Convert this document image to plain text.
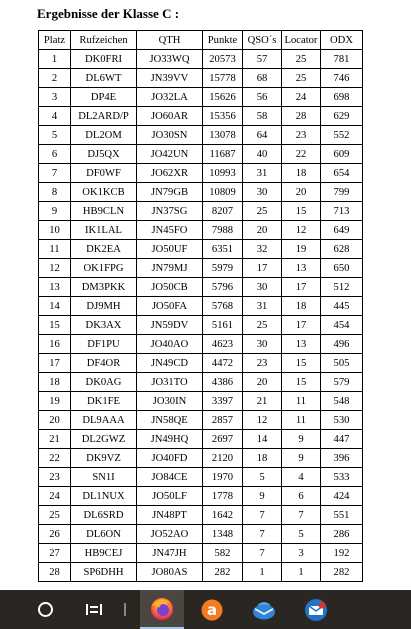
Ergebnisse der Klasse C :
Platz	Rufzeichen	QTH	Punkte	QSO´s	Locator	ODX
1	DK0FRI	JO33WQ	20573	57	25	781
2	DL6WT	JN39VV	15778	68	25	746
3	DP4E	JO32LA	15626	56	24	698
4	DL2ARD/P	JO60AR	15356	58	28	629
5	DL2OM	JO30SN	13078	64	23	552
6	DJ5QX	JO42UN	11687	40	22	609
7	DF0WF	JO62XR	10993	31	18	654
8	OK1KCB	JN79GB	10809	30	20	799
9	HB9CLN	JN37SG	8207	25	15	713
10	IK1LAL	JN45FO	7988	20	12	649
11	DK2EA	JO50UF	6351	32	19	628
12	OK1FPG	JN79MJ	5979	17	13	650
13	DM3PKK	JO50CB	5796	30	17	512
14	DJ9MH	JO50FA	5768	31	18	445
15	DK3AX	JN59DV	5161	25	17	454
16	DF1PU	JO40AO	4623	30	13	496
17	DF4OR	JN49CD	4472	23	15	505
18	DK0AG	JO31TO	4386	20	15	579
19	DK1FE	JO30IN	3397	21	11	548
20	DL9AAA	JN58QE	2857	12	11	530
21	DL2GWZ	JN49HQ	2697	14	9	447
22	DK9VZ	JO40FD	2120	18	9	396
23	SN1I	JO84CE	1970	5	4	533
24	DL1NUX	JO50LF	1778	9	6	424
25	DL6SRD	JN48PT	1642	7	7	551
26	DL6ON	JO52AO	1348	7	5	286
27	HB9CEJ	JN47JH	582	7	3	192
28	SP6DHH	JO80AS	282	1	1	282
a
